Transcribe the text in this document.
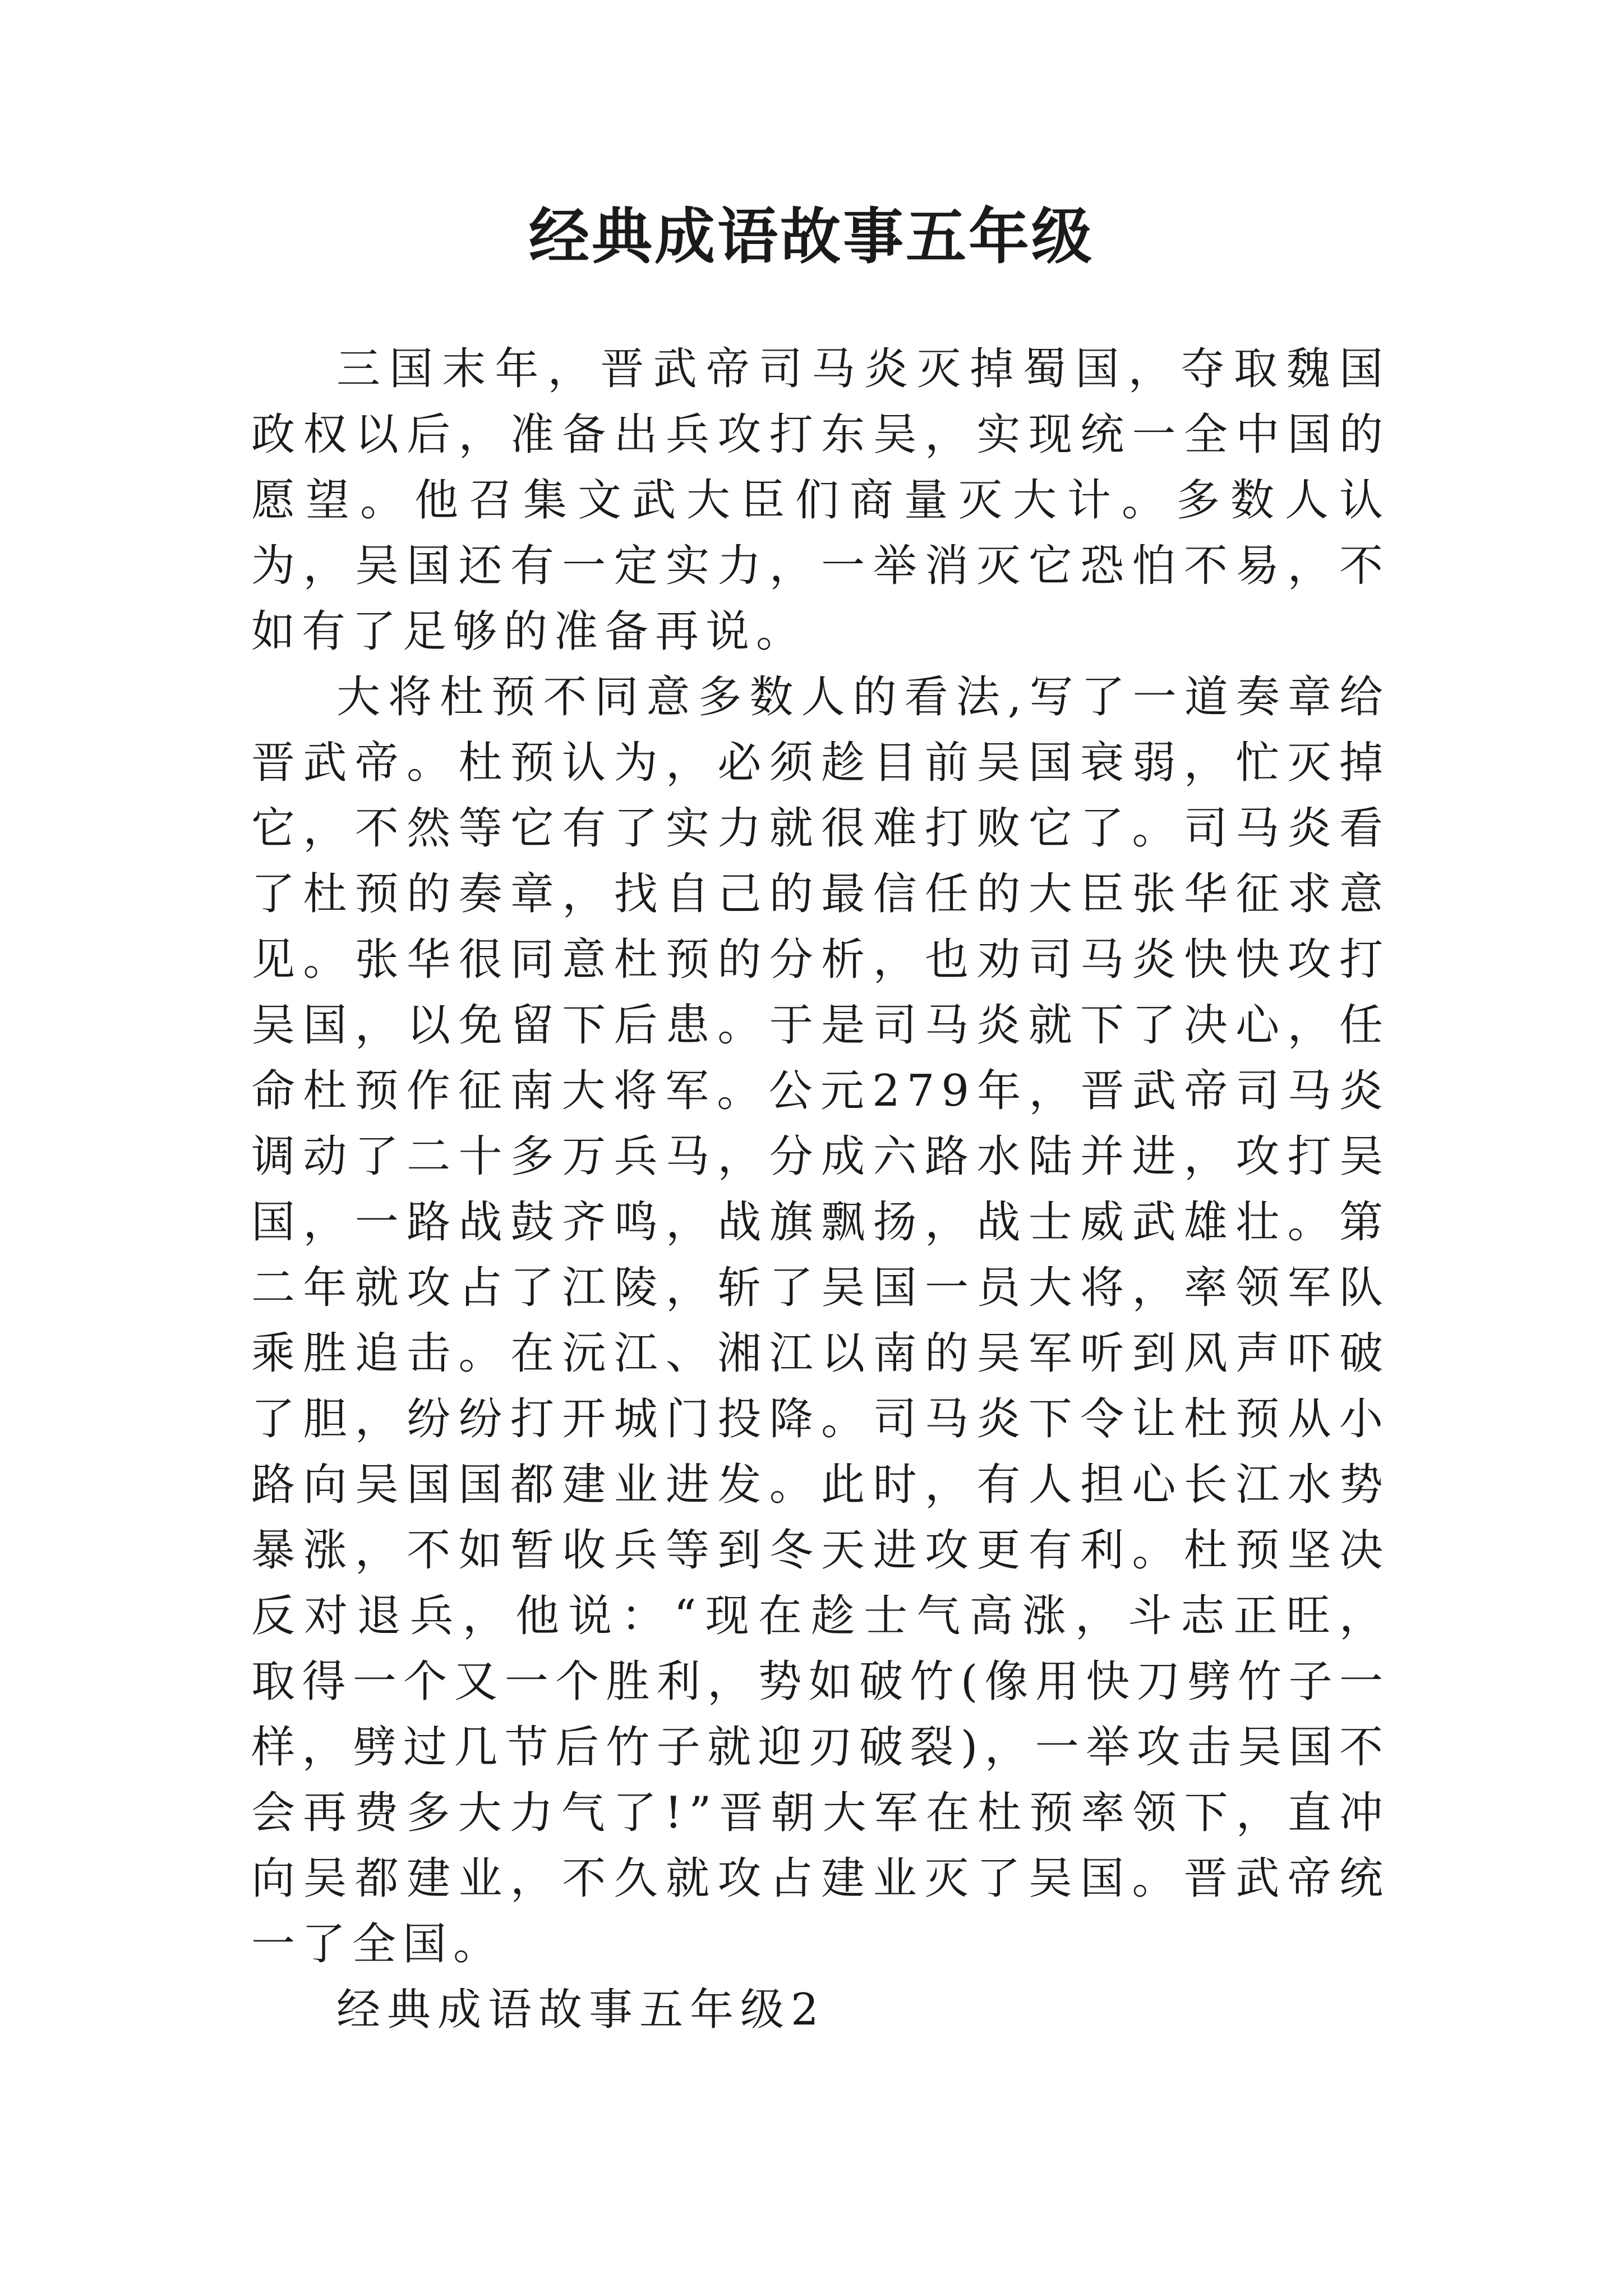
经典成语故事五年级

三国末年，晋武帝司马炎灭掉蜀国，夺取魏国政权以后，准备出兵攻打东吴，实现统一全中国的愿望。他召集文武大臣们商量灭大计。多数人认为，吴国还有一定实力，一举消灭它恐怕不易，不如有了足够的准备再说。

大将杜预不同意多数人的看法,写了一道奏章给晋武帝。杜预认为，必须趁目前吴国衰弱，忙灭掉它，不然等它有了实力就很难打败它了。司马炎看了杜预的奏章，找自己的最信任的大臣张华征求意见。张华很同意杜预的分析，也劝司马炎快快攻打吴国，以免留下后患。于是司马炎就下了决心，任命杜预作征南大将军。公元279年，晋武帝司马炎调动了二十多万兵马，分成六路水陆并进，攻打吴国，一路战鼓齐鸣，战旗飘扬，战士威武雄壮。第二年就攻占了江陵，斩了吴国一员大将，率领军队乘胜追击。在沅江、湘江以南的吴军听到风声吓破了胆，纷纷打开城门投降。司马炎下令让杜预从小路向吴国国都建业进发。此时，有人担心长江水势暴涨，不如暂收兵等到冬天进攻更有利。杜预坚决反对退兵，他说：“现在趁士气高涨，斗志正旺，取得一个又一个胜利，势如破竹(像用快刀劈竹子一样，劈过几节后竹子就迎刃破裂)，一举攻击吴国不会再费多大力气了!”晋朝大军在杜预率领下，直冲向吴都建业，不久就攻占建业灭了吴国。晋武帝统一了全国。

经典成语故事五年级2
